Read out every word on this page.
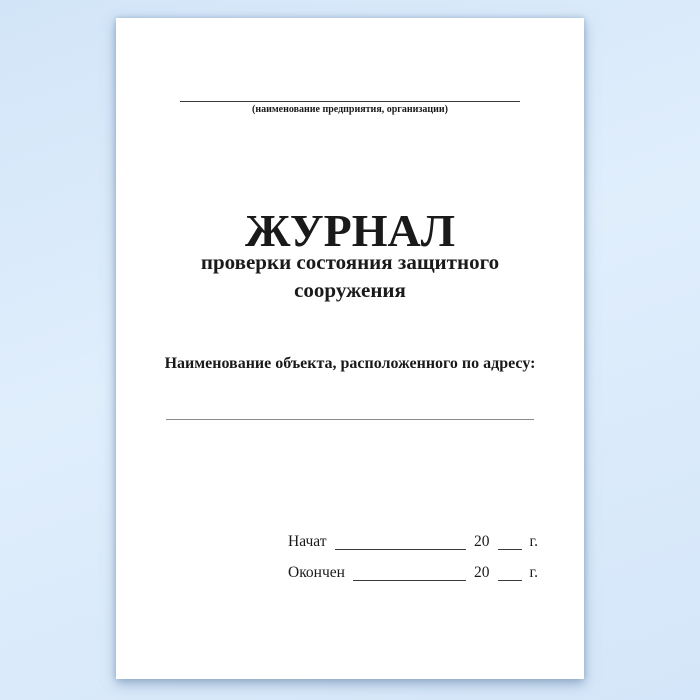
(наименование предприятия, организации)
ЖУРНАЛ
проверки состояния защитного
сооружения
Наименование объекта, расположенного по адресу:
Начат	20	г.
Окончен	20	г.
